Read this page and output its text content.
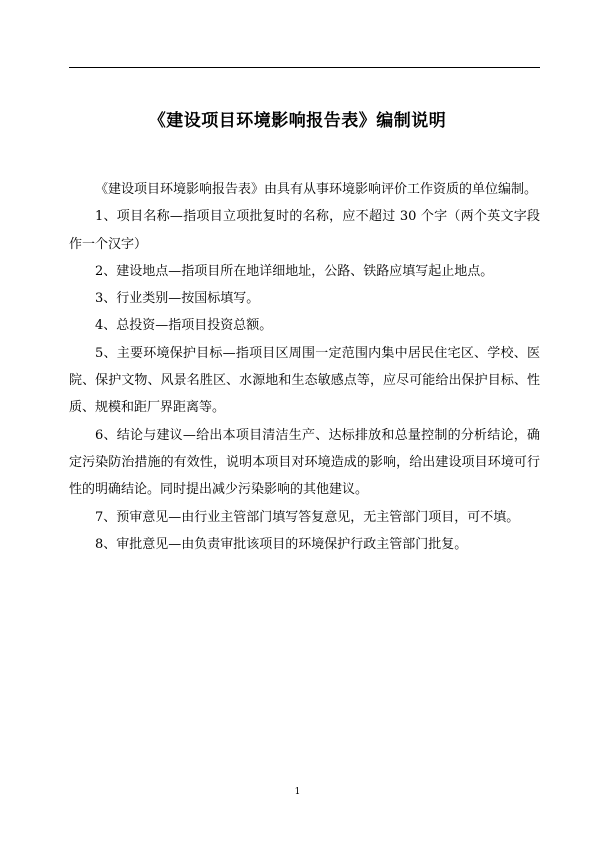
《建设项目环境影响报告表》编制说明

《建设项目环境影响报告表》由具有从事环境影响评价工作资质的单位编制。

1、项目名称—指项目立项批复时的名称，应不超过 30 个字（两个英文字段作一个汉字）

2、建设地点—指项目所在地详细地址，公路、铁路应填写起止地点。

3、行业类别—按国标填写。

4、总投资—指项目投资总额。

5、主要环境保护目标—指项目区周围一定范围内集中居民住宅区、学校、医院、保护文物、风景名胜区、水源地和生态敏感点等，应尽可能给出保护目标、性质、规模和距厂界距离等。

6、结论与建议—给出本项目清洁生产、达标排放和总量控制的分析结论，确定污染防治措施的有效性，说明本项目对环境造成的影响，给出建设项目环境可行性的明确结论。同时提出减少污染影响的其他建议。

7、预审意见—由行业主管部门填写答复意见，无主管部门项目，可不填。

8、审批意见—由负责审批该项目的环境保护行政主管部门批复。

1
